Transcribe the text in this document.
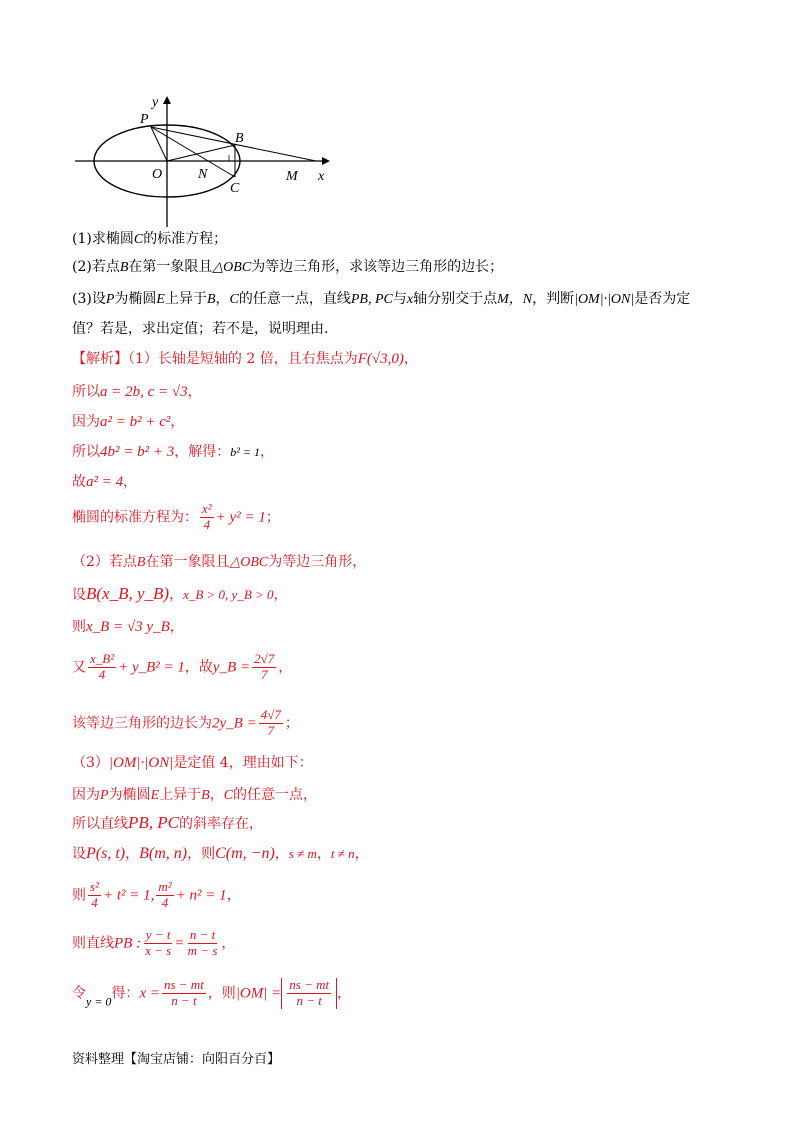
y
x
P
B
O	N
C
M
(1)求椭圆C的标准方程；
(2)若点B在第一象限且△OBC为等边三角形，求该等边三角形的边长；
(3)设P为椭圆E上异于B，C的任意一点，直线PB, PC与x轴分别交于点M，N，判断|OM|·|ON|是否为定
值？若是，求出定值；若不是，说明理由.
【解析】（1）长轴是短轴的 2 倍，且右焦点为F(√3,0)，
所以a = 2b, c = √3，
因为a² = b² + c²，
所以4b² = b² + 3，解得：b² = 1，
故a² = 4，
椭圆的标准方程为： $\frac{\text{x²}}{4} + y^2 = 1$；
（2）若点B在第一象限且△OBC为等边三角形，
设B(x_B, y_B)，x_B > 0, y_B > 0，
则x_B = √3 y_B，
又 $\frac{\text{x\_B²}}{4}$ + y_B² = 1，故y_B = $\frac{2√7}{7}$ ，
该等边三角形的边长为2y_B = $\frac{4√7}{7}$ ；
（3）|OM|·|ON|是定值 4，理由如下：
因为P为椭圆E上异于B，C的任意一点，
所以直线PB, PC的斜率存在，
设P(s, t)，B(m, n)，则C(m, −n)，s ≠ m，t ≠ n，
则 $\frac{\text{s²}}{4} + t^2 = 1$, $\frac{\text{m²}}{4} + n^2 = 1$，
则直线PB : $\frac{y - t}{x - s} = \frac{n - t}{m - s}$ ，
令y = 0得：$x = \frac{ns - mt}{n - t}$ ，则$|OM| = \frac{ns - mt}{n - t}$ ，
资料整理【淘宝店铺：向阳百分百】
